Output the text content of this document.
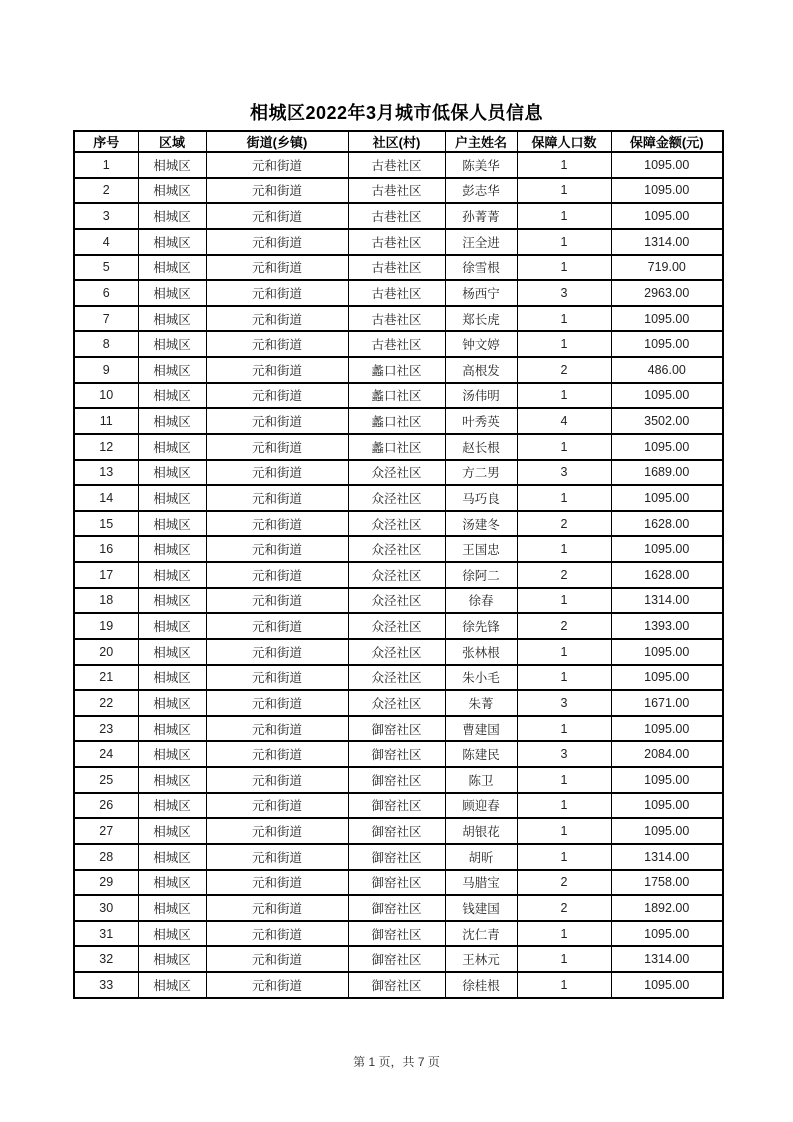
相城区2022年3月城市低保人员信息
序号	区域	街道(乡镇)	社区(村)	户主姓名	保障人口数	保障金额(元)
1	相城区	元和街道	古巷社区	陈美华	1	1095.00
2	相城区	元和街道	古巷社区	彭志华	1	1095.00
3	相城区	元和街道	古巷社区	孙菁菁	1	1095.00
4	相城区	元和街道	古巷社区	汪全进	1	1314.00
5	相城区	元和街道	古巷社区	徐雪根	1	719.00
6	相城区	元和街道	古巷社区	杨西宁	3	2963.00
7	相城区	元和街道	古巷社区	郑长虎	1	1095.00
8	相城区	元和街道	古巷社区	钟文婷	1	1095.00
9	相城区	元和街道	蠡口社区	高根发	2	486.00
10	相城区	元和街道	蠡口社区	汤伟明	1	1095.00
11	相城区	元和街道	蠡口社区	叶秀英	4	3502.00
12	相城区	元和街道	蠡口社区	赵长根	1	1095.00
13	相城区	元和街道	众泾社区	方二男	3	1689.00
14	相城区	元和街道	众泾社区	马巧良	1	1095.00
15	相城区	元和街道	众泾社区	汤建冬	2	1628.00
16	相城区	元和街道	众泾社区	王国忠	1	1095.00
17	相城区	元和街道	众泾社区	徐阿二	2	1628.00
18	相城区	元和街道	众泾社区	徐春	1	1314.00
19	相城区	元和街道	众泾社区	徐先锋	2	1393.00
20	相城区	元和街道	众泾社区	张林根	1	1095.00
21	相城区	元和街道	众泾社区	朱小毛	1	1095.00
22	相城区	元和街道	众泾社区	朱菁	3	1671.00
23	相城区	元和街道	御窑社区	曹建国	1	1095.00
24	相城区	元和街道	御窑社区	陈建民	3	2084.00
25	相城区	元和街道	御窑社区	陈卫	1	1095.00
26	相城区	元和街道	御窑社区	顾迎春	1	1095.00
27	相城区	元和街道	御窑社区	胡银花	1	1095.00
28	相城区	元和街道	御窑社区	胡昕	1	1314.00
29	相城区	元和街道	御窑社区	马腊宝	2	1758.00
30	相城区	元和街道	御窑社区	钱建国	2	1892.00
31	相城区	元和街道	御窑社区	沈仁青	1	1095.00
32	相城区	元和街道	御窑社区	王林元	1	1314.00
33	相城区	元和街道	御窑社区	徐桂根	1	1095.00
第 1 页，共 7 页
